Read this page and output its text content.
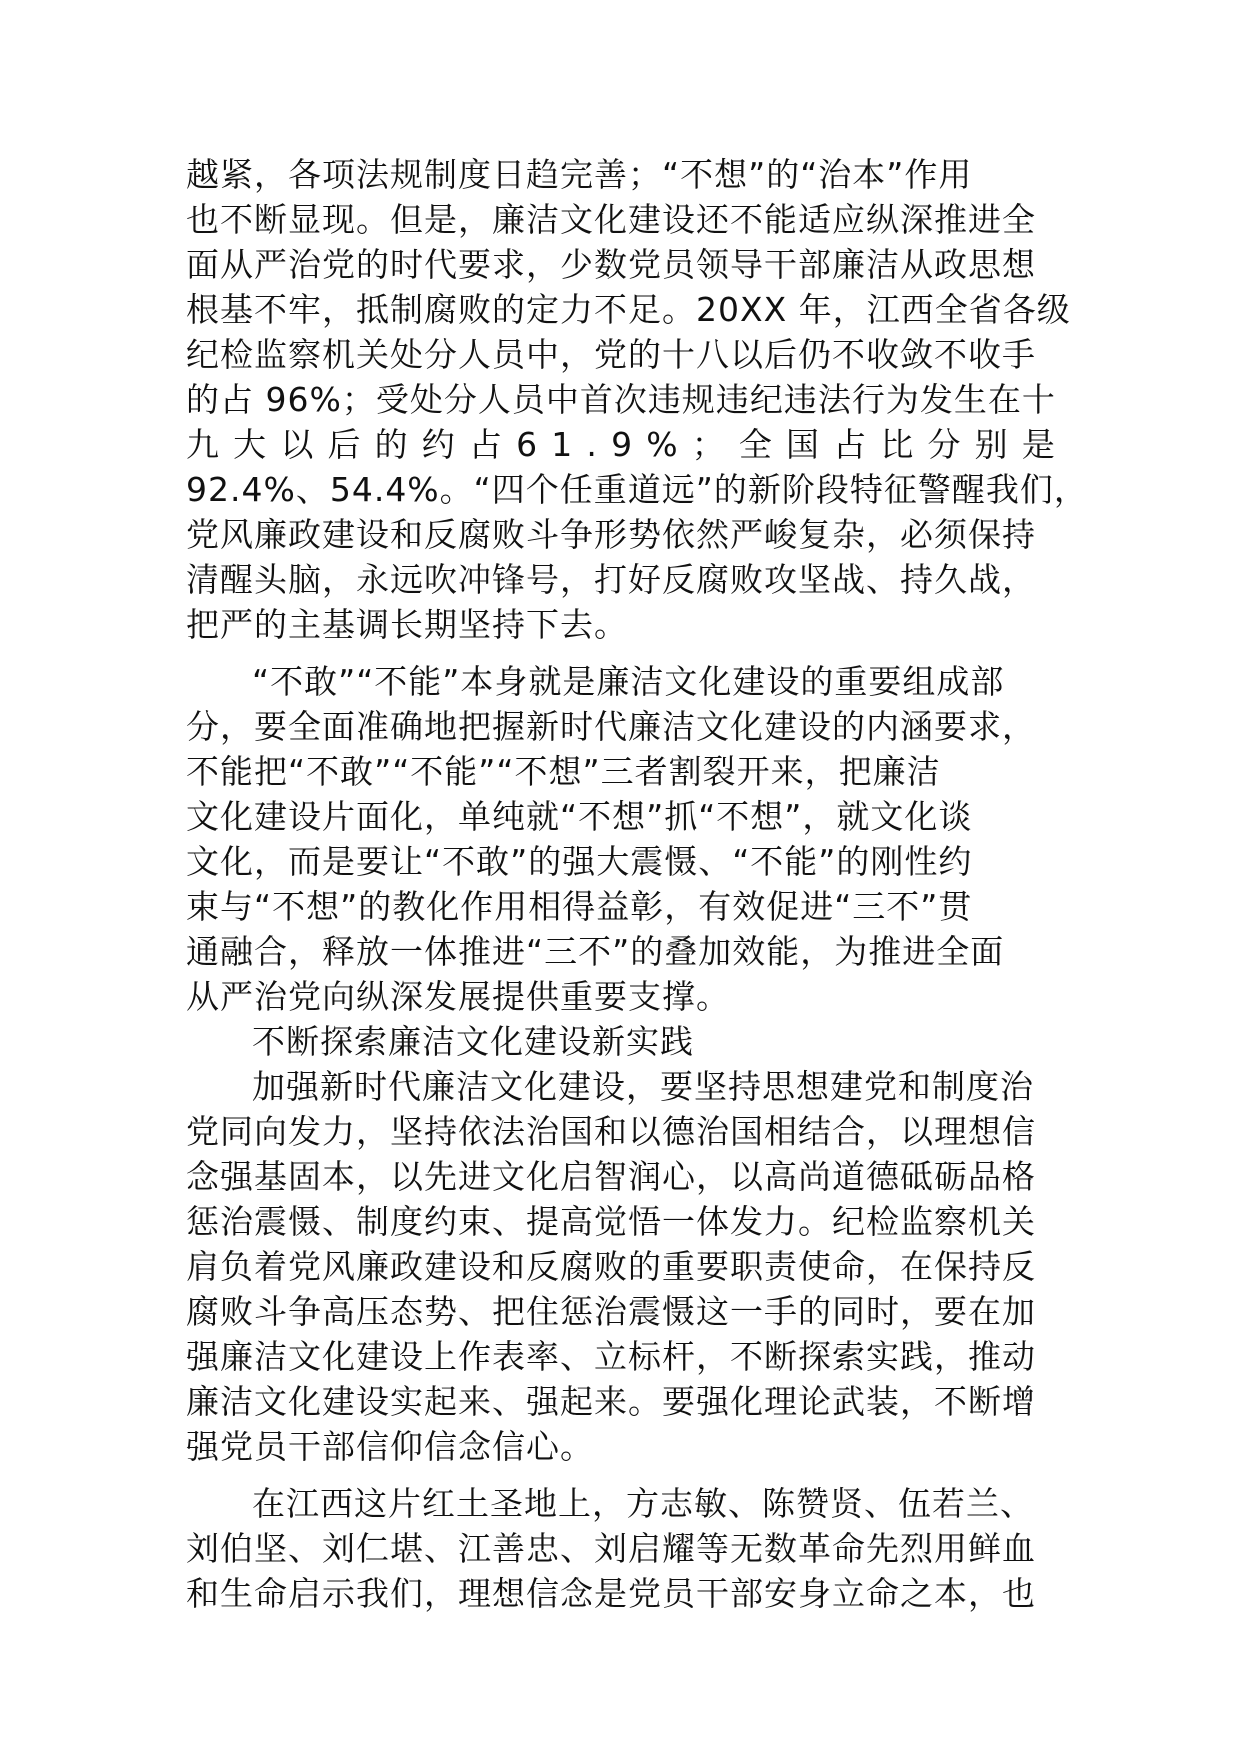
越紧，各项法规制度日趋完善；“不想”的“治本”作用
也不断显现。但是，廉洁文化建设还不能适应纵深推进全
面从严治党的时代要求，少数党员领导干部廉洁从政思想
根基不牢，抵制腐败的定力不足。20XX 年，江西全省各级
纪检监察机关处分人员中，党的十八以后仍不收敛不收手
的占 96%；受处分人员中首次违规违纪违法行为发生在十
九 大 以 后 的 约 占 6 1 . 9 % ； 全 国 占 比 分 别 是
92.4%、54.4%。“四个任重道远”的新阶段特征警醒我们，
党风廉政建设和反腐败斗争形势依然严峻复杂，必须保持
清醒头脑，永远吹冲锋号，打好反腐败攻坚战、持久战，
把严的主基调长期坚持下去。
“不敢”“不能”本身就是廉洁文化建设的重要组成部
分，要全面准确地把握新时代廉洁文化建设的内涵要求，
不能把“不敢”“不能”“不想”三者割裂开来，把廉洁
文化建设片面化，单纯就“不想”抓“不想”，就文化谈
文化，而是要让“不敢”的强大震慑、“不能”的刚性约
束与“不想”的教化作用相得益彰，有效促进“三不”贯
通融合，释放一体推进“三不”的叠加效能，为推进全面
从严治党向纵深发展提供重要支撑。
不断探索廉洁文化建设新实践
加强新时代廉洁文化建设，要坚持思想建党和制度治
党同向发力，坚持依法治国和以德治国相结合，以理想信
念强基固本，以先进文化启智润心，以高尚道德砥砺品格
惩治震慑、制度约束、提高觉悟一体发力。纪检监察机关
肩负着党风廉政建设和反腐败的重要职责使命，在保持反
腐败斗争高压态势、把住惩治震慑这一手的同时，要在加
强廉洁文化建设上作表率、立标杆，不断探索实践，推动
廉洁文化建设实起来、强起来。要强化理论武装，不断增
强党员干部信仰信念信心。
在江西这片红土圣地上，方志敏、陈赞贤、伍若兰、
刘伯坚、刘仁堪、江善忠、刘启耀等无数革命先烈用鲜血
和生命启示我们，理想信念是党员干部安身立命之本，也
